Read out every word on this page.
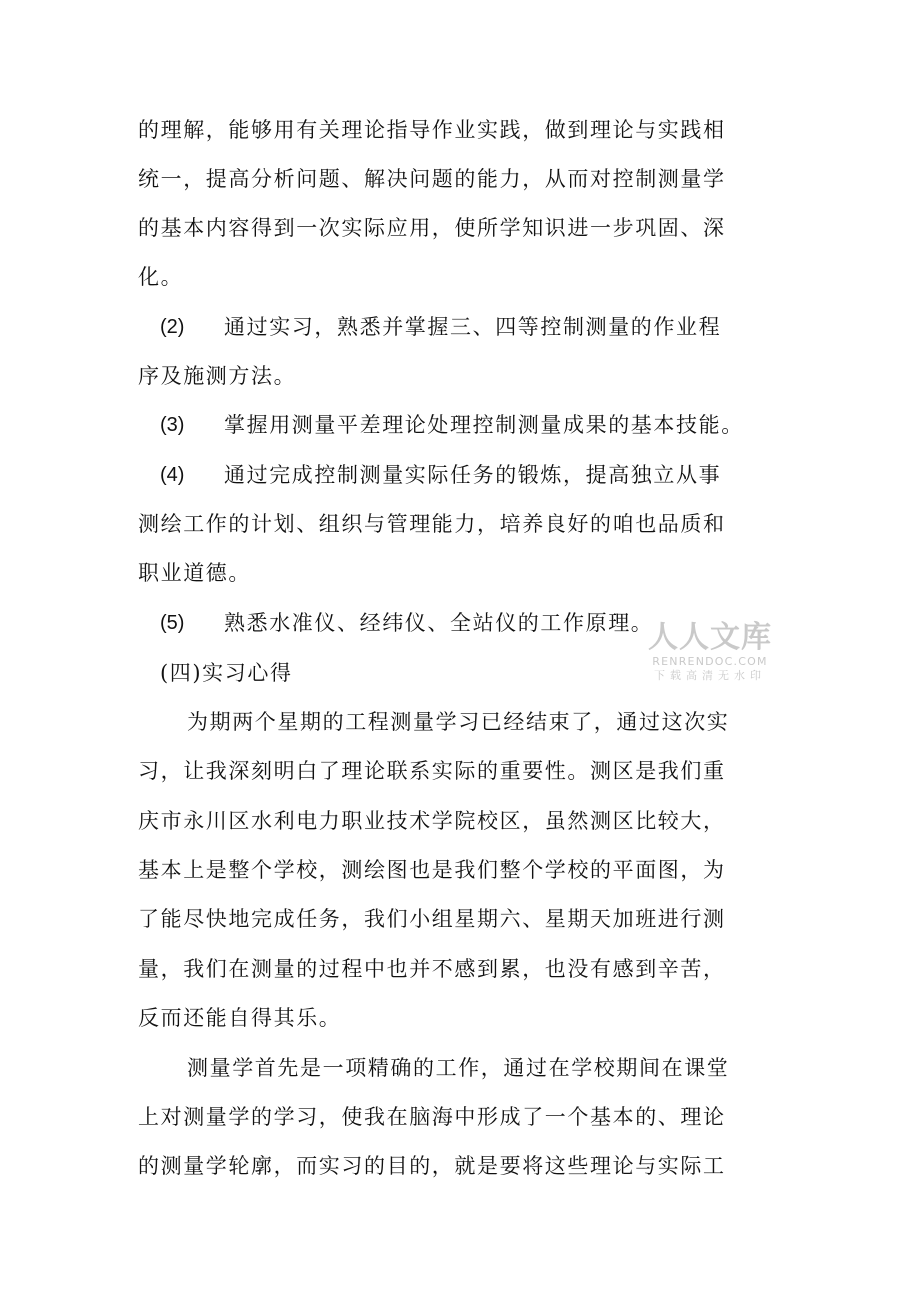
的理解，能够用有关理论指导作业实践，做到理论与实践相
统一，提高分析问题、解决问题的能力，从而对控制测量学
的基本内容得到一次实际应用，使所学知识进一步巩固、深
化。
(2) 通过实习，熟悉并掌握三、四等控制测量的作业程
序及施测方法。
(3) 掌握用测量平差理论处理控制测量成果的基本技能。
(4) 通过完成控制测量实际任务的锻炼，提高独立从事
测绘工作的计划、组织与管理能力，培养良好的咱也品质和
职业道德。
(5) 熟悉水准仪、经纬仪、全站仪的工作原理。
(四)实习心得
为期两个星期的工程测量学习已经结束了，通过这次实
习，让我深刻明白了理论联系实际的重要性。测区是我们重
庆市永川区水利电力职业技术学院校区，虽然测区比较大，
基本上是整个学校，测绘图也是我们整个学校的平面图，为
了能尽快地完成任务，我们小组星期六、星期天加班进行测
量，我们在测量的过程中也并不感到累，也没有感到辛苦，
反而还能自得其乐。
测量学首先是一项精确的工作，通过在学校期间在课堂
上对测量学的学习，使我在脑海中形成了一个基本的、理论
的测量学轮廓，而实习的目的，就是要将这些理论与实际工
人人文库
RENRENDOC.COM
下载高清无水印
